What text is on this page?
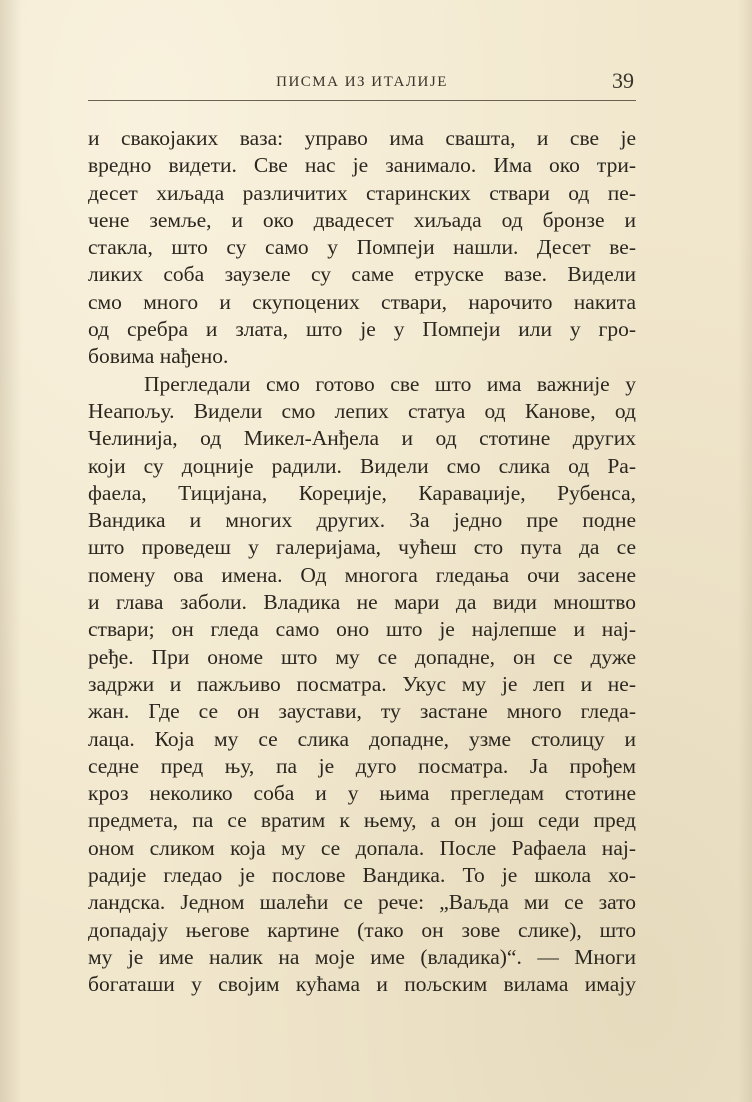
ПИСМА ИЗ ИТАЛИЈЕ	39
и свакојаких ваза: управо има свашта, и све је
вредно видети. Све нас је занимало. Има око три-
десет хиљада различитих старинских ствари од пе-
чене земље, и око двадесет хиљада од бронзе и
стакла, што су само у Помпеји нашли. Десет ве-
ликих соба заузеле су саме етруске вазе. Видели
смо много и скупоцених ствари, нарочито накита
од сребра и злата, што је у Помпеји или у гро-
бовима нађено.
Прегледали смо готово све што има важније у
Неапољу. Видели смо лепих статуа од Канове, од
Челинија, од Микел-Анђела и од стотине других
који су доцније радили. Видели смо слика од Ра-
фаела, Тицијана, Кореџије, Караваџије, Рубенса,
Вандика и многих других. За једно пре подне
што проведеш у галеријама, чућеш сто пута да се
помену ова имена. Од многога гледања очи засене
и глава заболи. Владика не мари да види мноштво
ствари; он гледа само оно што је најлепше и нај-
ређе. При ономе што му се допадне, он се дуже
задржи и пажљиво посматра. Укус му је леп и не-
жан. Где се он заустави, ту застане много гледа-
лаца. Која му се слика допадне, узме столицу и
седне пред њу, па је дуго посматра. Ја прођем
кроз неколико соба и у њима прегледам стотине
предмета, па се вратим к њему, а он још седи пред
оном сликом која му се допала. После Рафаела нај-
радије гледао је послове Вандика. То је школа хо-
ландска. Једном шалећи се рече: „Ваљда ми се зато
допадају његове картине (тако он зове слике), што
му је име налик на моје име (владика)“. — Многи
богаташи у својим кућама и пољским вилама имају
